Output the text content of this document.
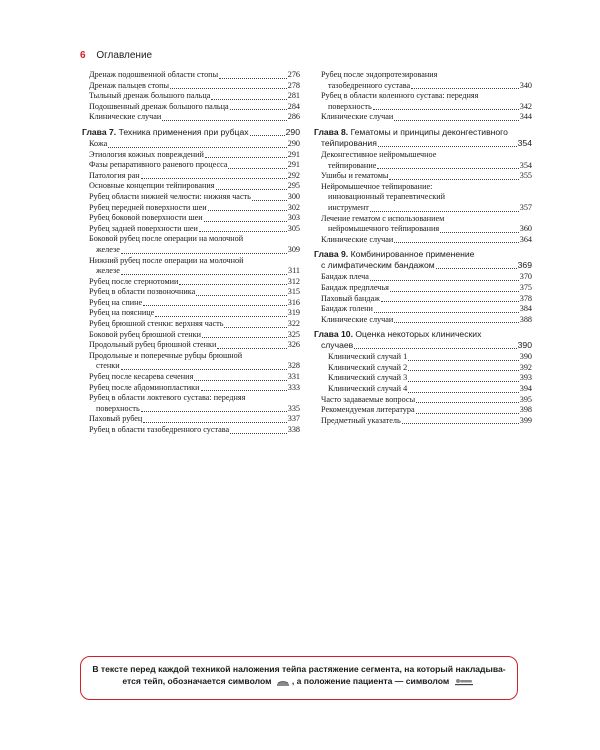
6 Оглавление
Дренаж подошвенной области стопы	276
Дренаж пальцев стопы	278
Тыльный дренаж большого пальца	281
Подошвенный дренаж большого пальца	284
Клинические случаи	286
Глава 7. Техника применения при рубцах	290
Кожа	290
Этиология кожных повреждений	291
Фазы репаративного раневого процесса	291
Патология ран	292
Основные концепции тейпирования	295
Рубец области нижней челюсти: нижняя часть	300
Рубец передней поверхности шеи	302
Рубец боковой поверхности шеи	303
Рубец задней поверхности шеи	305
Боковой рубец после операции на молочной
железе	309
Нижний рубец после операции на молочной
железе	311
Рубец после стернотомии	312
Рубец в области позвоночника	315
Рубец на спине	316
Рубец на пояснице	319
Рубец брюшной стенки: верхняя часть	322
Боковой рубец брюшной стенки	325
Продольный рубец брюшной стенки	326
Продольные и поперечные рубцы брюшной
стенки	328
Рубец после кесарева сечения	331
Рубец после абдоминопластики	333
Рубец в области локтевого сустава: передняя
поверхность	335
Паховый рубец	337
Рубец в области тазобедренного сустава	338
Рубец после эндопротезирования
тазобедренного сустава	340
Рубец в области коленного сустава: передняя
поверхность	342
Клинические случаи	344
Глава 8. Гематомы и принципы деконгестивного
тейпирования	354
Деконгестивное нейромышечное
тейпирование	354
Ушибы и гематомы	355
Нейромышечное тейпирование:
инновационный терапевтический
инструмент	357
Лечение гематом с использованием
нейромышечного тейпирования	360
Клинические случаи	364
Глава 9. Комбинированное применение
с лимфатическим бандажом	369
Бандаж плеча	370
Бандаж предплечья	375
Паховый бандаж	378
Бандаж голени	384
Клинические случаи	388
Глава 10. Оценка некоторых клинических
случаев	390
Клинический случай 1	390
Клинический случай 2	392
Клинический случай 3	393
Клинический случай 4	394
Часто задаваемые вопросы	395
Рекомендуемая литература	398
Предметный указатель	399
В тексте перед каждой техникой наложения тейпа растяжение сегмента, на который накладыва-
ется тейп, обозначается символом , а положение пациента — символом
